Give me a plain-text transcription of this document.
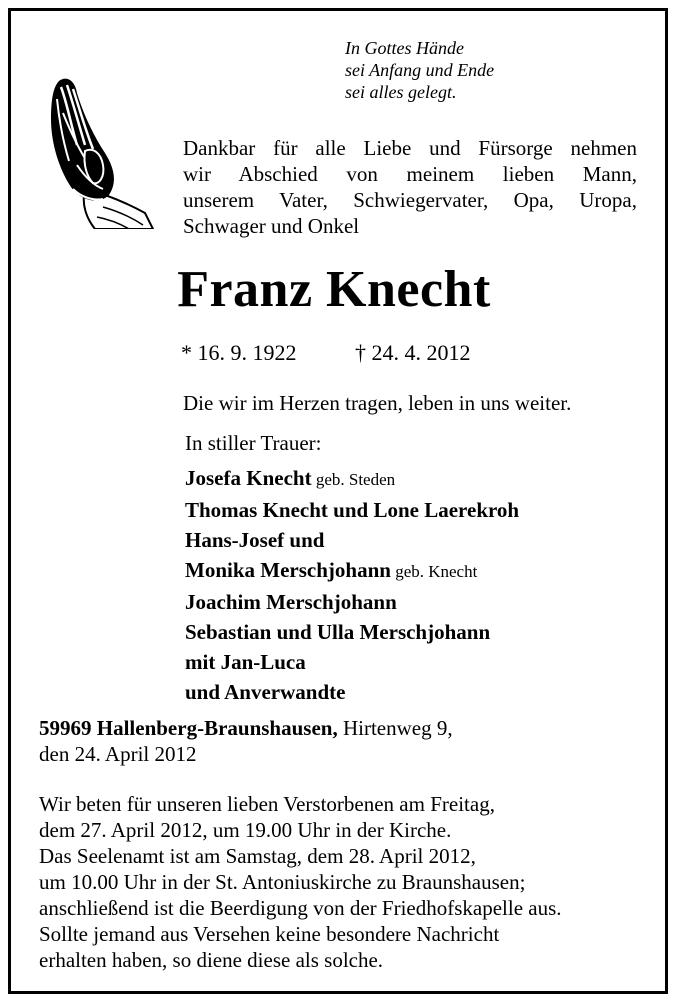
In Gottes Hände
sei Anfang und Ende
sei alles gelegt.
Dankbar für alle Liebe und Fürsorge nehmen
wir Abschied von meinem lieben Mann,
unserem Vater, Schwiegervater, Opa, Uropa,
Schwager und Onkel
Franz Knecht
* 16. 9. 1922	† 24. 4. 2012
Die wir im Herzen tragen, leben in uns weiter.
In stiller Trauer:
Josefa Knecht geb. Steden
Thomas Knecht und Lone Laerekroh
Hans-Josef und
Monika Merschjohann geb. Knecht
Joachim Merschjohann
Sebastian und Ulla Merschjohann
mit Jan-Luca
und Anverwandte
59969 Hallenberg-Braunshausen, Hirtenweg 9,
den 24. April 2012
Wir beten für unseren lieben Verstorbenen am Freitag,
dem 27. April 2012, um 19.00 Uhr in der Kirche.
Das Seelenamt ist am Samstag, dem 28. April 2012,
um 10.00 Uhr in der St. Antoniuskirche zu Braunshausen;
anschließend ist die Beerdigung von der Friedhofskapelle aus.
Sollte jemand aus Versehen keine besondere Nachricht
erhalten haben, so diene diese als solche.
